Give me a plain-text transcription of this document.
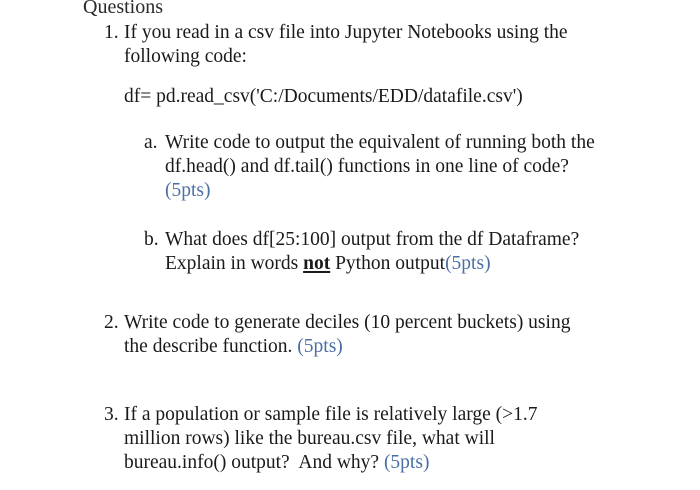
Questions
1. If you read in a csv file into Jupyter Notebooks using the
following code:
df= pd.read_csv('C:/Documents/EDD/datafile.csv')
a. Write code to output the equivalent of running both the
df.head() and df.tail() functions in one line of code?
(5pts)
b. What does df[25:100] output from the df Dataframe?
Explain in words not Python output(5pts)
2. Write code to generate deciles (10 percent buckets) using
the describe function. (5pts)
3. If a population or sample file is relatively large (>1.7
million rows) like the bureau.csv file, what will
bureau.info() output?  And why? (5pts)
